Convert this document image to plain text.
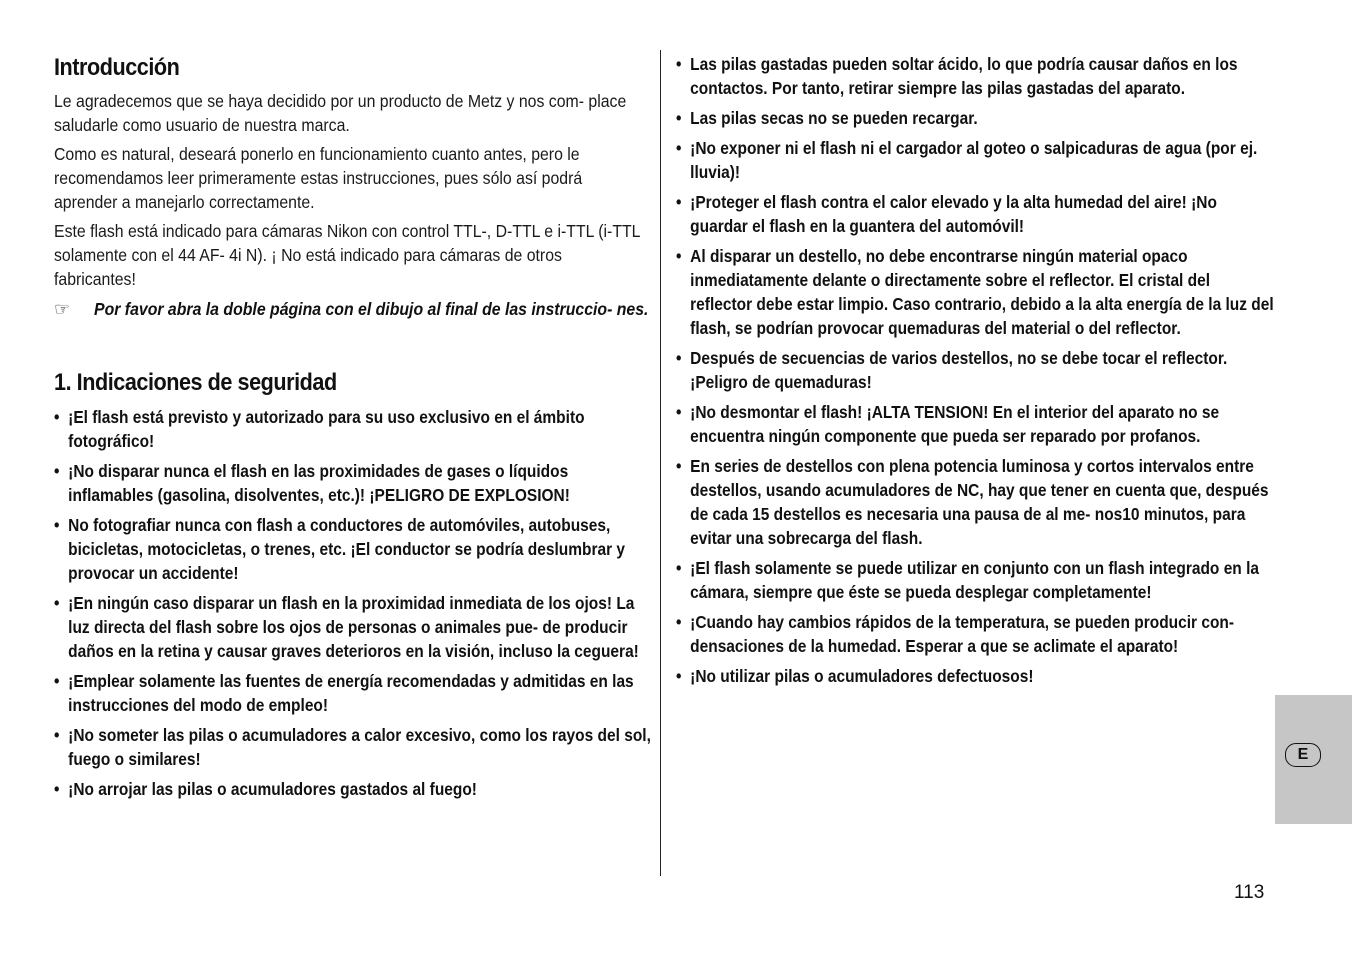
Introducción

Le agradecemos que se haya decidido por un producto de Metz y nos com- place saludarle como usuario de nuestra marca.

Como es natural, deseará ponerlo en funcionamiento cuanto antes, pero le recomendamos leer primeramente estas instrucciones, pues sólo así podrá aprender a manejarlo correctamente.

Este flash está indicado para cámaras Nikon con control TTL-, D-TTL e i-TTL (i-TTL solamente con el 44 AF- 4i N). ¡ No está indicado para cámaras de otros fabricantes!

☞ Por favor abra la doble página con el dibujo al final de las instruccio- nes.

1. Indicaciones de seguridad
• ¡El flash está previsto y autorizado para su uso exclusivo en el ámbito fotográfico!
• ¡No disparar nunca el flash en las proximidades de gases o líquidos inflamables (gasolina, disolventes, etc.)! ¡PELIGRO DE EXPLOSION!
• No fotografiar nunca con flash a conductores de automóviles, autobuses, bicicletas, motocicletas, o trenes, etc. ¡El conductor se podría deslumbrar y provocar un accidente!
• ¡En ningún caso disparar un flash en la proximidad inmediata de los ojos! La luz directa del flash sobre los ojos de personas o animales pue- de producir daños en la retina y causar graves deterioros en la visión, incluso la ceguera!
• ¡Emplear solamente las fuentes de energía recomendadas y admitidas en las instrucciones del modo de empleo!
• ¡No someter las pilas o acumuladores a calor excesivo, como los rayos del sol, fuego o similares!
• ¡No arrojar las pilas o acumuladores gastados al fuego!
• Las pilas gastadas pueden soltar ácido, lo que podría causar daños en los contactos. Por tanto, retirar siempre las pilas gastadas del aparato.
• Las pilas secas no se pueden recargar.
• ¡No exponer ni el flash ni el cargador al goteo o salpicaduras de agua (por ej. lluvia)!
• ¡Proteger el flash contra el calor elevado y la alta humedad del aire! ¡No guardar el flash en la guantera del automóvil!
• Al disparar un destello, no debe encontrarse ningún material opaco inmediatamente delante o directamente sobre el reflector. El cristal del reflector debe estar limpio. Caso contrario, debido a la alta energía de la luz del flash, se podrían provocar quemaduras del material o del reflector.
• Después de secuencias de varios destellos, no se debe tocar el reflector. ¡Peligro de quemaduras!
• ¡No desmontar el flash! ¡ALTA TENSION! En el interior del aparato no se encuentra ningún componente que pueda ser reparado por profanos.
• En series de destellos con plena potencia luminosa y cortos intervalos entre destellos, usando acumuladores de NC, hay que tener en cuenta que, después de cada 15 destellos es necesaria una pausa de al me- nos10 minutos, para evitar una sobrecarga del flash.
• ¡El flash solamente se puede utilizar en conjunto con un flash integrado en la cámara, siempre que éste se pueda desplegar completamente!
• ¡Cuando hay cambios rápidos de la temperatura, se pueden producir con- densaciones de la humedad. Esperar a que se aclimate el aparato!
• ¡No utilizar pilas o acumuladores defectuosos!
E
113
